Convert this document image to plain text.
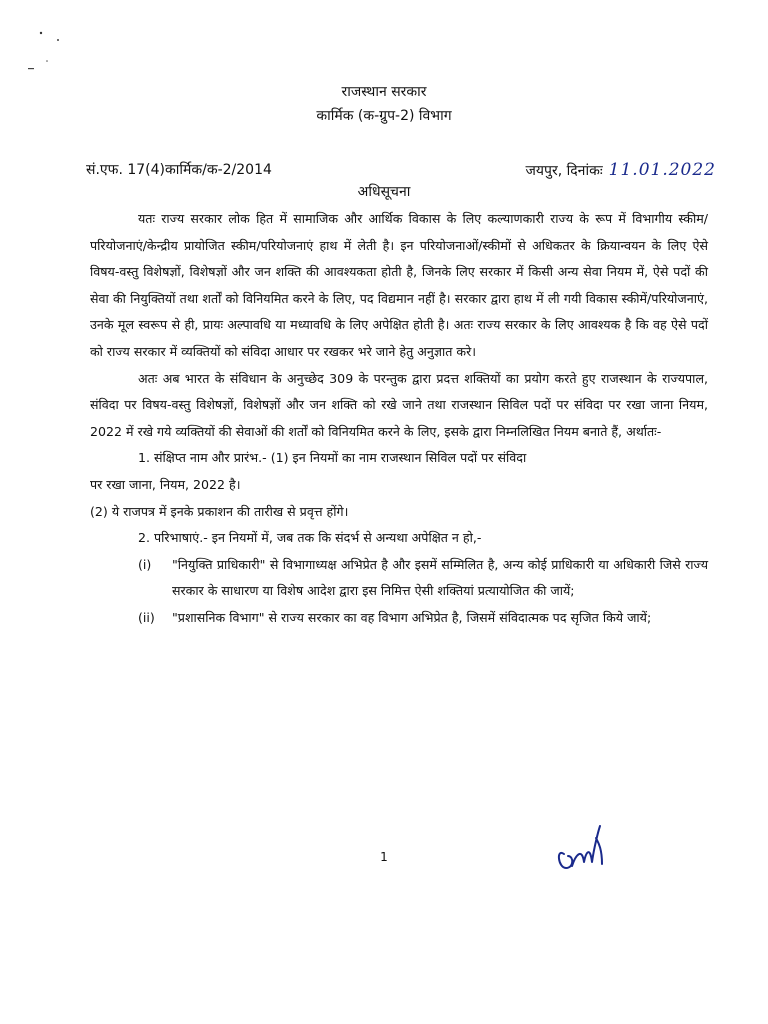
राजस्थान सरकार
कार्मिक (क-ग्रुप-2) विभाग
सं.एफ. 17(4)कार्मिक/क-2/2014	जयपुर, दिनांकः 11.01.2022
अधिसूचना

यतः राज्य सरकार लोक हित में सामाजिक और आर्थिक विकास के लिए कल्याणकारी राज्य के रूप में विभागीय स्कीम/परियोजनाएं/केन्द्रीय प्रायोजित स्कीम/परियोजनाएं हाथ में लेती है। इन परियोजनाओं/स्कीमों से अधिकतर के क्रियान्वयन के लिए ऐसे विषय-वस्तु विशेषज्ञों, विशेषज्ञों और जन शक्ति की आवश्यकता होती है, जिनके लिए सरकार में किसी अन्य सेवा नियम में, ऐसे पदों की सेवा की नियुक्तियों तथा शर्तों को विनियमित करने के लिए, पद विद्यमान नहीं है। सरकार द्वारा हाथ में ली गयी विकास स्कीमें/परियोजनाएं, उनके मूल स्वरूप से ही, प्रायः अल्पावधि या मध्यावधि के लिए अपेक्षित होती है। अतः राज्य सरकार के लिए आवश्यक है कि वह ऐसे पदों को राज्य सरकार में व्यक्तियों को संविदा आधार पर रखकर भरे जाने हेतु अनुज्ञात करे।

अतः अब भारत के संविधान के अनुच्छेद 309 के परन्तुक द्वारा प्रदत्त शक्तियों का प्रयोग करते हुए राजस्थान के राज्यपाल, संविदा पर विषय-वस्तु विशेषज्ञों, विशेषज्ञों और जन शक्ति को रखे जाने तथा राजस्थान सिविल पदों पर संविदा पर रखा जाना नियम, 2022 में रखे गये व्यक्तियों की सेवाओं की शर्तों को विनियमित करने के लिए, इसके द्वारा निम्नलिखित नियम बनाते हैं, अर्थातः-

1. संक्षिप्त नाम और प्रारंभ.- (1) इन नियमों का नाम राजस्थान सिविल पदों पर संविदा

पर रखा जाना, नियम, 2022 है।

(2) ये राजपत्र में इनके प्रकाशन की तारीख से प्रवृत्त होंगे।

2. परिभाषाएं.- इन नियमों में, जब तक कि संदर्भ से अन्यथा अपेक्षित न हो,-

(i)	"नियुक्ति प्राधिकारी" से विभागाध्यक्ष अभिप्रेत है और इसमें सम्मिलित है, अन्य कोई प्राधिकारी या अधिकारी जिसे राज्य सरकार के साधारण या विशेष आदेश द्वारा इस निमित्त ऐसी शक्तियां प्रत्यायोजित की जायें;
(ii)	"प्रशासनिक विभाग" से राज्य सरकार का वह विभाग अभिप्रेत है, जिसमें संविदात्मक पद सृजित किये जायें;
1
